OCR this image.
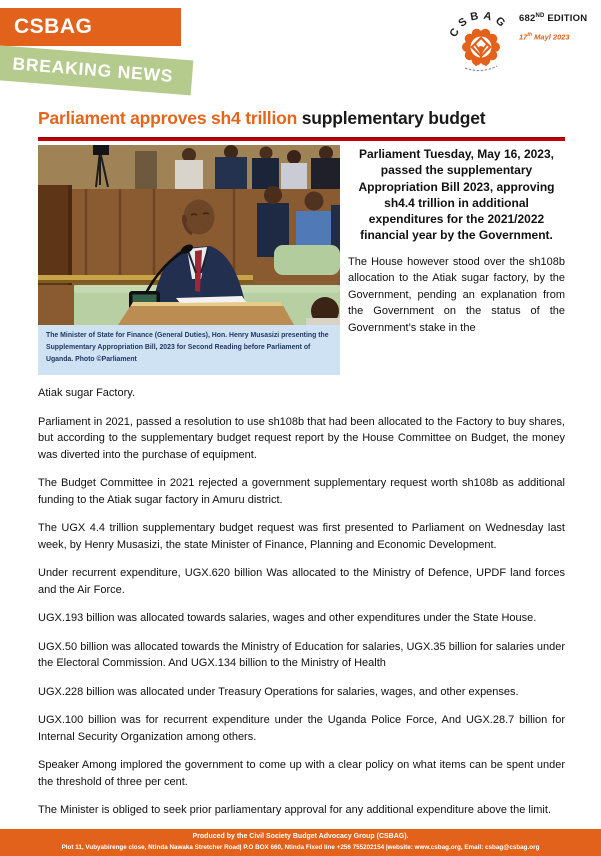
CSBAG
BREAKING NEWS
CSBAG 682ND EDITION
17th Mayl 2023
Parliament approves sh4 trillion supplementary budget
The Minister of State for Finance (General Duties), Hon. Henry Musasizi presenting the Supplementary Appropriation Bill, 2023 for Second Reading before Parliament of Uganda. Photo ©Parliament

Parliament Tuesday, May 16, 2023, passed the supplementary Appropriation Bill 2023, approving sh4.4 trillion in additional expenditures for the 2021/2022 financial year by the Government.

The House however stood over the sh108b allocation to the Atiak sugar factory, by the Government, pending an explanation from the Government on the status of the Government’s stake in the

Atiak sugar Factory.

Parliament in 2021, passed a resolution to use sh108b that had been allocated to the Factory to buy shares, but according to the supplementary budget request report by the House Committee on Budget, the money was diverted into the purchase of equipment.

The Budget Committee in 2021 rejected a government supplementary request worth sh108b as additional funding to the Atiak sugar factory in Amuru district.

The UGX 4.4 trillion supplementary budget request was first presented to Parliament on Wednesday last week, by Henry Musasizi, the state Minister of Finance, Planning and Economic Development.

Under recurrent expenditure, UGX.620 billion Was allocated to the Ministry of Defence, UPDF land forces and the Air Force.

UGX.193 billion was allocated towards salaries, wages and other expenditures under the State House.

UGX.50 billion was allocated towards the Ministry of Education for salaries, UGX.35 billion for salaries under the Electoral Commission. And UGX.134 billion to the Ministry of Health

UGX.228 billion was allocated under Treasury Operations for salaries, wages, and other expenses.

UGX.100 billion was for recurrent expenditure under the Uganda Police Force, And UGX.28.7 billion for Internal Security Organization among others.

Speaker Among implored the government to come up with a clear policy on what items can be spent under the threshold of three per cent.

The Minister is obliged to seek prior parliamentary approval for any additional expenditure above the limit.

Produced by the Civil Society Budget Advocacy Group (CSBAG).
Plot 11, Vubyabirenge close, Ntinda Nawaka Stretcher Road| P.O BOX 660, Ntinda Fixed line +256 755202154 |website: www.csbag.org, Email: csbag@csbag.org
